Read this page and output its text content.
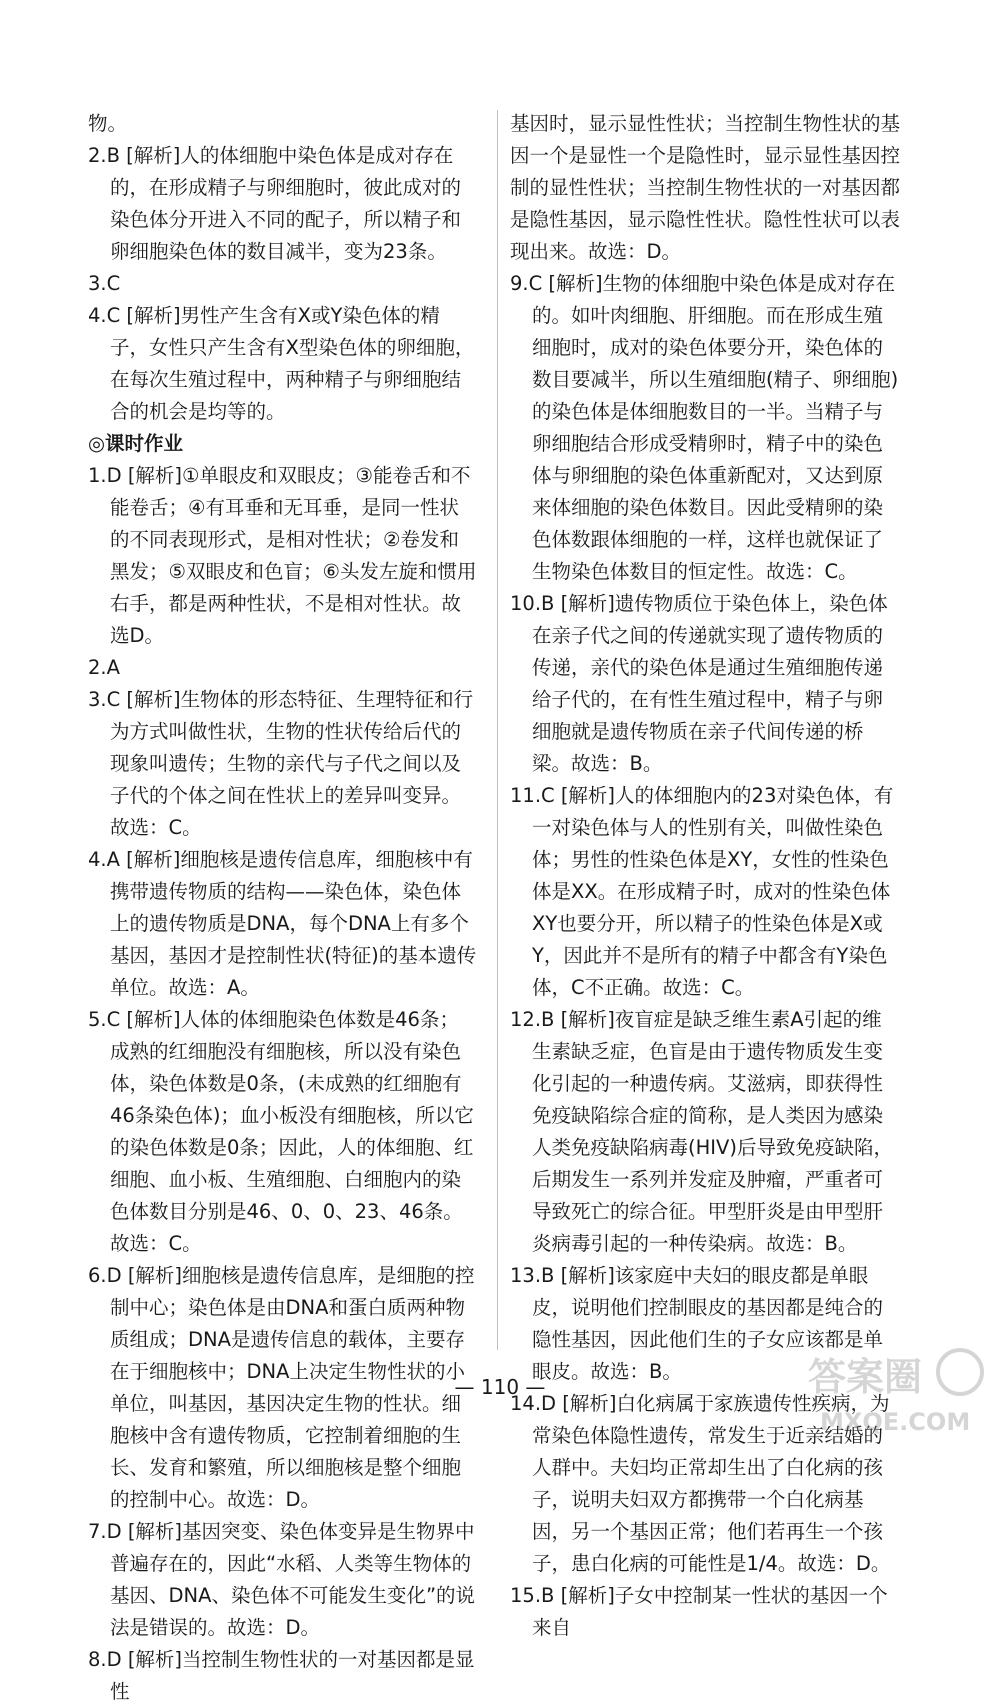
物。

2.B [解析]人的体细胞中染色体是成对存在的，在形成精子与卵细胞时，彼此成对的染色体分开进入不同的配子，所以精子和卵细胞染色体的数目减半，变为23条。

3.C

4.C [解析]男性产生含有X或Y染色体的精子，女性只产生含有X型染色体的卵细胞，在每次生殖过程中，两种精子与卵细胞结合的机会是均等的。

◎课时作业

1.D [解析]①单眼皮和双眼皮；③能卷舌和不能卷舌；④有耳垂和无耳垂，是同一性状的不同表现形式，是相对性状；②卷发和黑发；⑤双眼皮和色盲；⑥头发左旋和惯用右手，都是两种性状，不是相对性状。故选D。

2.A

3.C [解析]生物体的形态特征、生理特征和行为方式叫做性状，生物的性状传给后代的现象叫遗传；生物的亲代与子代之间以及子代的个体之间在性状上的差异叫变异。故选：C。

4.A [解析]细胞核是遗传信息库，细胞核中有携带遗传物质的结构——染色体，染色体上的遗传物质是DNA，每个DNA上有多个基因，基因才是控制性状(特征)的基本遗传单位。故选：A。

5.C [解析]人体的体细胞染色体数是46条；成熟的红细胞没有细胞核，所以没有染色体，染色体数是0条，(未成熟的红细胞有46条染色体)；血小板没有细胞核，所以它的染色体数是0条；因此，人的体细胞、红细胞、血小板、生殖细胞、白细胞内的染色体数目分别是46、0、0、23、46条。故选：C。

6.D [解析]细胞核是遗传信息库，是细胞的控制中心；染色体是由DNA和蛋白质两种物质组成；DNA是遗传信息的载体，主要存在于细胞核中；DNA上决定生物性状的小单位，叫基因，基因决定生物的性状。细胞核中含有遗传物质，它控制着细胞的生长、发育和繁殖，所以细胞核是整个细胞的控制中心。故选：D。

7.D [解析]基因突变、染色体变异是生物界中普遍存在的，因此“水稻、人类等生物体的基因、DNA、染色体不可能发生变化”的说法是错误的。故选：D。

8.D [解析]当控制生物性状的一对基因都是显性

基因时，显示显性性状；当控制生物性状的基因一个是显性一个是隐性时，显示显性基因控制的显性性状；当控制生物性状的一对基因都是隐性基因，显示隐性性状。隐性性状可以表现出来。故选：D。

9.C [解析]生物的体细胞中染色体是成对存在的。如叶肉细胞、肝细胞。而在形成生殖细胞时，成对的染色体要分开，染色体的数目要减半，所以生殖细胞(精子、卵细胞)的染色体是体细胞数目的一半。当精子与卵细胞结合形成受精卵时，精子中的染色体与卵细胞的染色体重新配对，又达到原来体细胞的染色体数目。因此受精卵的染色体数跟体细胞的一样，这样也就保证了生物染色体数目的恒定性。故选：C。

10.B [解析]遗传物质位于染色体上，染色体在亲子代之间的传递就实现了遗传物质的传递，亲代的染色体是通过生殖细胞传递给子代的，在有性生殖过程中，精子与卵细胞就是遗传物质在亲子代间传递的桥梁。故选：B。

11.C [解析]人的体细胞内的23对染色体，有一对染色体与人的性别有关，叫做性染色体；男性的性染色体是XY，女性的性染色体是XX。在形成精子时，成对的性染色体XY也要分开，所以精子的性染色体是X或Y，因此并不是所有的精子中都含有Y染色体，C不正确。故选：C。

12.B [解析]夜盲症是缺乏维生素A引起的维生素缺乏症，色盲是由于遗传物质发生变化引起的一种遗传病。艾滋病，即获得性免疫缺陷综合症的简称，是人类因为感染人类免疫缺陷病毒(HIV)后导致免疫缺陷，后期发生一系列并发症及肿瘤，严重者可导致死亡的综合征。甲型肝炎是由甲型肝炎病毒引起的一种传染病。故选：B。

13.B [解析]该家庭中夫妇的眼皮都是单眼皮，说明他们控制眼皮的基因都是纯合的隐性基因，因此他们生的子女应该都是单眼皮。故选：B。

14.D [解析]白化病属于家族遗传性疾病，为常染色体隐性遗传，常发生于近亲结婚的人群中。夫妇均正常却生出了白化病的孩子，说明夫妇双方都携带一个白化病基因，另一个基因正常；他们若再生一个孩子，患白化病的可能性是1/4。故选：D。

15.B [解析]子女中控制某一性状的基因一个来自

— 110 —	答案圈
MXQE.COM
